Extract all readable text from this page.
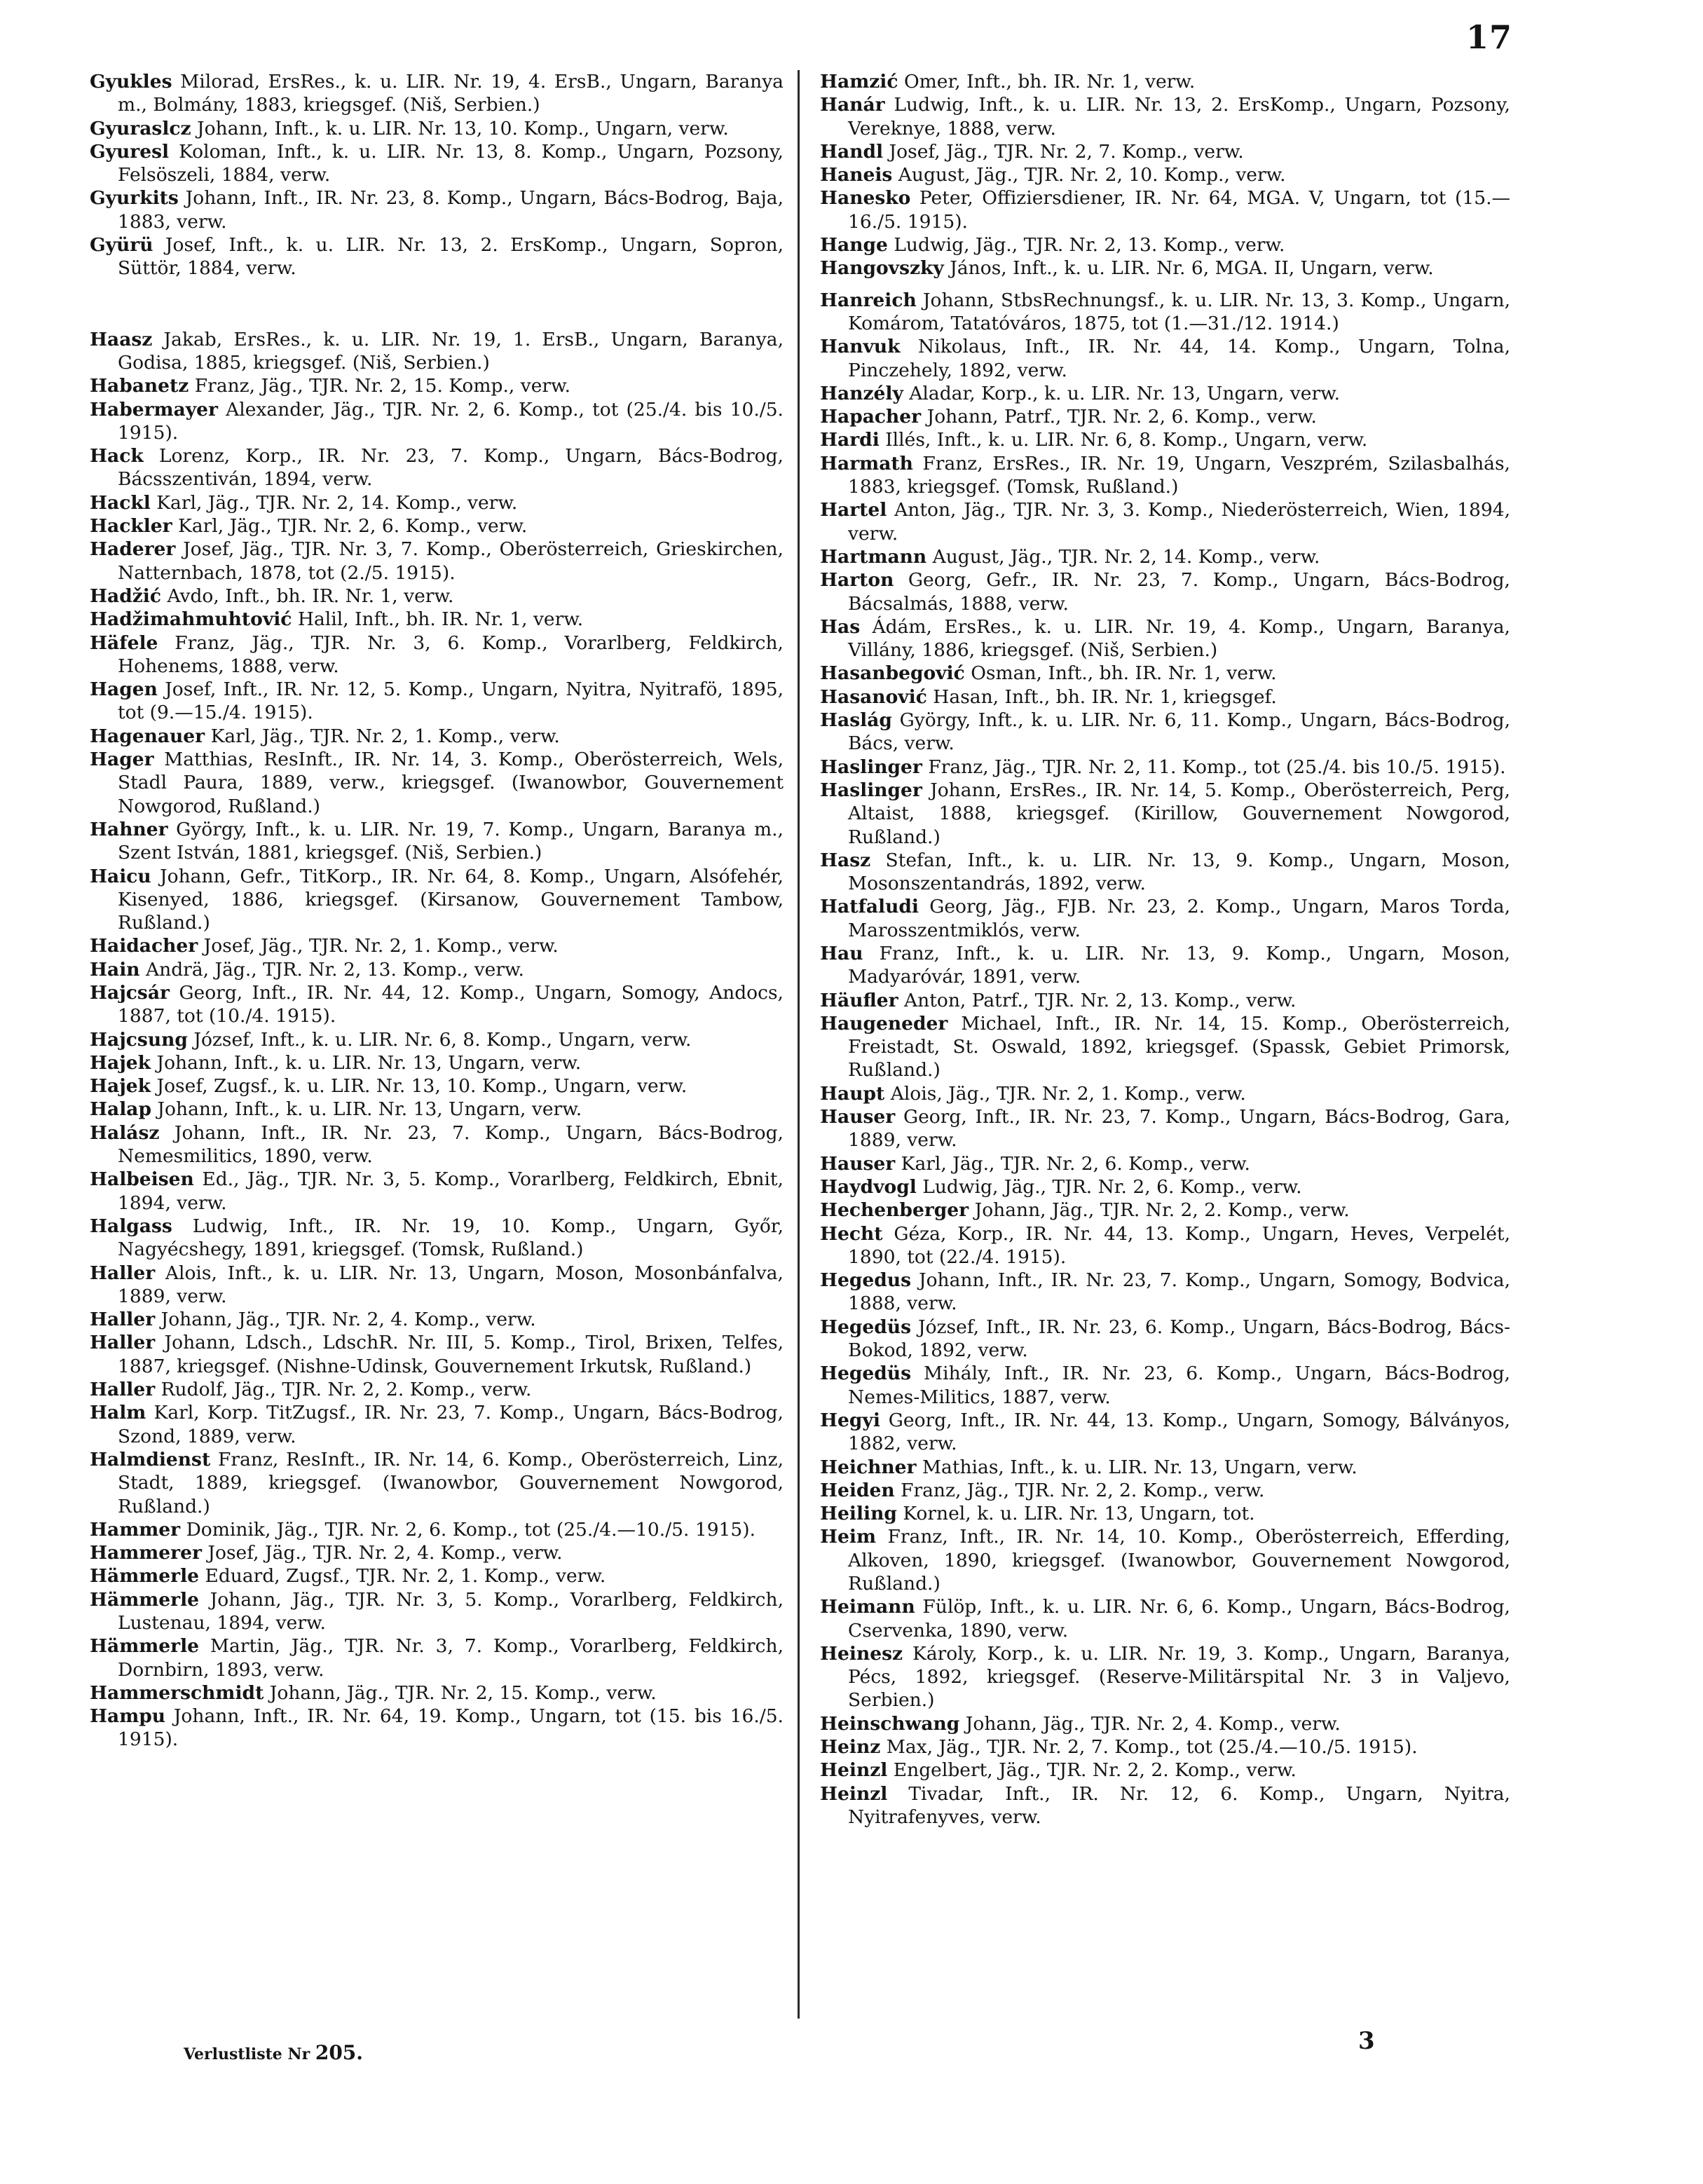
17
Gyukles Milorad, ErsRes., k. u. LIR. Nr. 19, 4. ErsB., Ungarn, Baranya m., Bolmány, 1883, kriegsgef. (Niš, Serbien.)
Gyuraslcz Johann, Inft., k. u. LIR. Nr. 13, 10. Komp., Ungarn, verw.
Gyuresl Koloman, Inft., k. u. LIR. Nr. 13, 8. Komp., Ungarn, Pozsony, Felsöszeli, 1884, verw.
Gyurkits Johann, Inft., IR. Nr. 23, 8. Komp., Ungarn, Bács-Bodrog, Baja, 1883, verw.
Gyürü Josef, Inft., k. u. LIR. Nr. 13, 2. ErsKomp., Ungarn, Sopron, Süttör, 1884, verw.
Haasz Jakab, ErsRes., k. u. LIR. Nr. 19, 1. ErsB., Ungarn, Baranya, Godisa, 1885, kriegsgef. (Niš, Serbien.)
Habanetz Franz, Jäg., TJR. Nr. 2, 15. Komp., verw.
Habermayer Alexander, Jäg., TJR. Nr. 2, 6. Komp., tot (25./4. bis 10./5. 1915).
Hack Lorenz, Korp., IR. Nr. 23, 7. Komp., Ungarn, Bács-Bodrog, Bácsszentiván, 1894, verw.
Hackl Karl, Jäg., TJR. Nr. 2, 14. Komp., verw.
Hackler Karl, Jäg., TJR. Nr. 2, 6. Komp., verw.
Haderer Josef, Jäg., TJR. Nr. 3, 7. Komp., Oberösterreich, Grieskirchen, Natternbach, 1878, tot (2./5. 1915).
Hadžić Avdo, Inft., bh. IR. Nr. 1, verw.
Hadžimahmuhtović Halil, Inft., bh. IR. Nr. 1, verw.
Häfele Franz, Jäg., TJR. Nr. 3, 6. Komp., Vorarlberg, Feldkirch, Hohenems, 1888, verw.
Hagen Josef, Inft., IR. Nr. 12, 5. Komp., Ungarn, Nyitra, Nyitrafö, 1895, tot (9.—15./4. 1915).
Hagenauer Karl, Jäg., TJR. Nr. 2, 1. Komp., verw.
Hager Matthias, ResInft., IR. Nr. 14, 3. Komp., Oberösterreich, Wels, Stadl Paura, 1889, verw., kriegsgef. (Iwanowbor, Gouvernement Nowgorod, Rußland.)
Hahner György, Inft., k. u. LIR. Nr. 19, 7. Komp., Ungarn, Baranya m., Szent István, 1881, kriegsgef. (Niš, Serbien.)
Haicu Johann, Gefr., TitKorp., IR. Nr. 64, 8. Komp., Ungarn, Alsófehér, Kisenyed, 1886, kriegsgef. (Kirsanow, Gouvernement Tambow, Rußland.)
Haidacher Josef, Jäg., TJR. Nr. 2, 1. Komp., verw.
Hain Andrä, Jäg., TJR. Nr. 2, 13. Komp., verw.
Hajcsár Georg, Inft., IR. Nr. 44, 12. Komp., Ungarn, Somogy, Andocs, 1887, tot (10./4. 1915).
Hajcsung József, Inft., k. u. LIR. Nr. 6, 8. Komp., Ungarn, verw.
Hajek Johann, Inft., k. u. LIR. Nr. 13, Ungarn, verw.
Hajek Josef, Zugsf., k. u. LIR. Nr. 13, 10. Komp., Ungarn, verw.
Halap Johann, Inft., k. u. LIR. Nr. 13, Ungarn, verw.
Halász Johann, Inft., IR. Nr. 23, 7. Komp., Ungarn, Bács-Bodrog, Nemesmilitics, 1890, verw.
Halbeisen Ed., Jäg., TJR. Nr. 3, 5. Komp., Vorarlberg, Feldkirch, Ebnit, 1894, verw.
Halgass Ludwig, Inft., IR. Nr. 19, 10. Komp., Ungarn, Győr, Nagyécshegy, 1891, kriegsgef. (Tomsk, Rußland.)
Haller Alois, Inft., k. u. LIR. Nr. 13, Ungarn, Moson, Mosonbánfalva, 1889, verw.
Haller Johann, Jäg., TJR. Nr. 2, 4. Komp., verw.
Haller Johann, Ldsch., LdschR. Nr. III, 5. Komp., Tirol, Brixen, Telfes, 1887, kriegsgef. (Nishne-Udinsk, Gouvernement Irkutsk, Rußland.)
Haller Rudolf, Jäg., TJR. Nr. 2, 2. Komp., verw.
Halm Karl, Korp. TitZugsf., IR. Nr. 23, 7. Komp., Ungarn, Bács-Bodrog, Szond, 1889, verw.
Halmdienst Franz, ResInft., IR. Nr. 14, 6. Komp., Oberösterreich, Linz, Stadt, 1889, kriegsgef. (Iwanowbor, Gouvernement Nowgorod, Rußland.)
Hammer Dominik, Jäg., TJR. Nr. 2, 6. Komp., tot (25./4.—10./5. 1915).
Hammerer Josef, Jäg., TJR. Nr. 2, 4. Komp., verw.
Hämmerle Eduard, Zugsf., TJR. Nr. 2, 1. Komp., verw.
Hämmerle Johann, Jäg., TJR. Nr. 3, 5. Komp., Vorarlberg, Feldkirch, Lustenau, 1894, verw.
Hämmerle Martin, Jäg., TJR. Nr. 3, 7. Komp., Vorarlberg, Feldkirch, Dornbirn, 1893, verw.
Hammerschmidt Johann, Jäg., TJR. Nr. 2, 15. Komp., verw.
Hampu Johann, Inft., IR. Nr. 64, 19. Komp., Ungarn, tot (15. bis 16./5. 1915).
Hamzić Omer, Inft., bh. IR. Nr. 1, verw.
Hanár Ludwig, Inft., k. u. LIR. Nr. 13, 2. ErsKomp., Ungarn, Pozsony, Vereknye, 1888, verw.
Handl Josef, Jäg., TJR. Nr. 2, 7. Komp., verw.
Haneis August, Jäg., TJR. Nr. 2, 10. Komp., verw.
Hanesko Peter, Offiziersdiener, IR. Nr. 64, MGA. V, Ungarn, tot (15.—16./5. 1915).
Hange Ludwig, Jäg., TJR. Nr. 2, 13. Komp., verw.
Hangovszky János, Inft., k. u. LIR. Nr. 6, MGA. II, Ungarn, verw.
Hanreich Johann, StbsRechnungsf., k. u. LIR. Nr. 13, 3. Komp., Ungarn, Komárom, Tatatóváros, 1875, tot (1.—31./12. 1914.)
Hanvuk Nikolaus, Inft., IR. Nr. 44, 14. Komp., Ungarn, Tolna, Pinczehely, 1892, verw.
Hanzély Aladar, Korp., k. u. LIR. Nr. 13, Ungarn, verw.
Hapacher Johann, Patrf., TJR. Nr. 2, 6. Komp., verw.
Hardi Illés, Inft., k. u. LIR. Nr. 6, 8. Komp., Ungarn, verw.
Harmath Franz, ErsRes., IR. Nr. 19, Ungarn, Veszprém, Szilasbalhás, 1883, kriegsgef. (Tomsk, Rußland.)
Hartel Anton, Jäg., TJR. Nr. 3, 3. Komp., Niederösterreich, Wien, 1894, verw.
Hartmann August, Jäg., TJR. Nr. 2, 14. Komp., verw.
Harton Georg, Gefr., IR. Nr. 23, 7. Komp., Ungarn, Bács-Bodrog, Bácsalmás, 1888, verw.
Has Ádám, ErsRes., k. u. LIR. Nr. 19, 4. Komp., Ungarn, Baranya, Villány, 1886, kriegsgef. (Niš, Serbien.)
Hasanbegović Osman, Inft., bh. IR. Nr. 1, verw.
Hasanović Hasan, Inft., bh. IR. Nr. 1, kriegsgef.
Haslág György, Inft., k. u. LIR. Nr. 6, 11. Komp., Ungarn, Bács-Bodrog, Bács, verw.
Haslinger Franz, Jäg., TJR. Nr. 2, 11. Komp., tot (25./4. bis 10./5. 1915).
Haslinger Johann, ErsRes., IR. Nr. 14, 5. Komp., Oberösterreich, Perg, Altaist, 1888, kriegsgef. (Kirillow, Gouvernement Nowgorod, Rußland.)
Hasz Stefan, Inft., k. u. LIR. Nr. 13, 9. Komp., Ungarn, Moson, Mosonszentandrás, 1892, verw.
Hatfaludi Georg, Jäg., FJB. Nr. 23, 2. Komp., Ungarn, Maros Torda, Marosszentmiklós, verw.
Hau Franz, Inft., k. u. LIR. Nr. 13, 9. Komp., Ungarn, Moson, Madyaróvár, 1891, verw.
Häufler Anton, Patrf., TJR. Nr. 2, 13. Komp., verw.
Haugeneder Michael, Inft., IR. Nr. 14, 15. Komp., Oberösterreich, Freistadt, St. Oswald, 1892, kriegsgef. (Spassk, Gebiet Primorsk, Rußland.)
Haupt Alois, Jäg., TJR. Nr. 2, 1. Komp., verw.
Hauser Georg, Inft., IR. Nr. 23, 7. Komp., Ungarn, Bács-Bodrog, Gara, 1889, verw.
Hauser Karl, Jäg., TJR. Nr. 2, 6. Komp., verw.
Haydvogl Ludwig, Jäg., TJR. Nr. 2, 6. Komp., verw.
Hechenberger Johann, Jäg., TJR. Nr. 2, 2. Komp., verw.
Hecht Géza, Korp., IR. Nr. 44, 13. Komp., Ungarn, Heves, Verpelét, 1890, tot (22./4. 1915).
Hegedus Johann, Inft., IR. Nr. 23, 7. Komp., Ungarn, Somogy, Bodvica, 1888, verw.
Hegedüs József, Inft., IR. Nr. 23, 6. Komp., Ungarn, Bács-Bodrog, Bács-Bokod, 1892, verw.
Hegedüs Mihály, Inft., IR. Nr. 23, 6. Komp., Ungarn, Bács-Bodrog, Nemes-Militics, 1887, verw.
Hegyi Georg, Inft., IR. Nr. 44, 13. Komp., Ungarn, Somogy, Bálványos, 1882, verw.
Heichner Mathias, Inft., k. u. LIR. Nr. 13, Ungarn, verw.
Heiden Franz, Jäg., TJR. Nr. 2, 2. Komp., verw.
Heiling Kornel, k. u. LIR. Nr. 13, Ungarn, tot.
Heim Franz, Inft., IR. Nr. 14, 10. Komp., Oberösterreich, Efferding, Alkoven, 1890, kriegsgef. (Iwanowbor, Gouvernement Nowgorod, Rußland.)
Heimann Fülöp, Inft., k. u. LIR. Nr. 6, 6. Komp., Ungarn, Bács-Bodrog, Cservenka, 1890, verw.
Heinesz Károly, Korp., k. u. LIR. Nr. 19, 3. Komp., Ungarn, Baranya, Pécs, 1892, kriegsgef. (Reserve-Militärspital Nr. 3 in Valjevo, Serbien.)
Heinschwang Johann, Jäg., TJR. Nr. 2, 4. Komp., verw.
Heinz Max, Jäg., TJR. Nr. 2, 7. Komp., tot (25./4.—10./5. 1915).
Heinzl Engelbert, Jäg., TJR. Nr. 2, 2. Komp., verw.
Heinzl Tivadar, Inft., IR. Nr. 12, 6. Komp., Ungarn, Nyitra, Nyitrafenyves, verw.
Verlustliste Nr 205.	3
